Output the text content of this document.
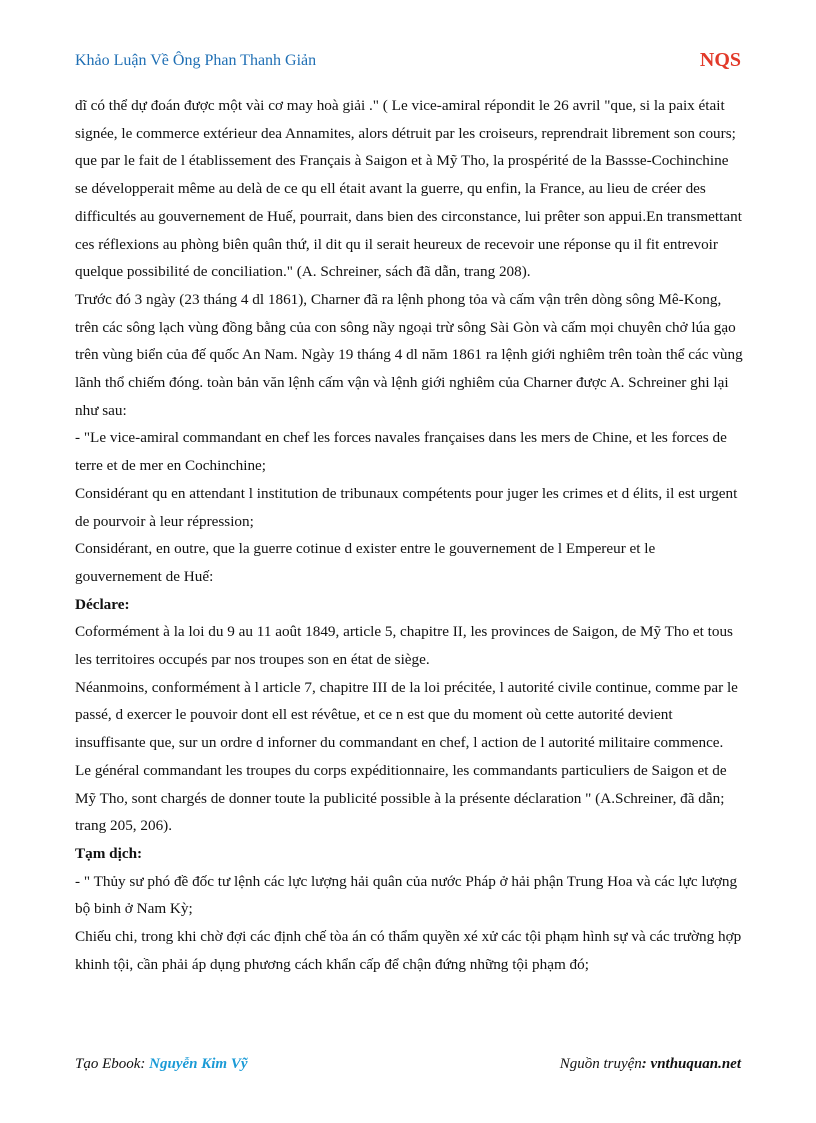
Khảo Luận Về Ông Phan Thanh Giản	NQS

dĩ có thể dự đoán được một vài cơ may hoà giải ." ( Le vice-amiral répondit le 26 avril "que, si la paix était signée, le commerce extérieur dea Annamites, alors détruit par les croiseurs, reprendrait librement son cours; que par le fait de l établissement des Français à Saigon et à Mỹ Tho, la prospérité de la Bassse-Cochinchine se développerait même au delà de ce qu ell était avant la guerre, qu enfin, la France, au lieu de créer des difficultés au gouvernement de Huế, pourrait, dans bien des circonstance, lui prêter son appui.En transmettant ces réflexions au phòng biên quân thứ, il dit qu il serait heureux de recevoir une réponse qu il fit entrevoir quelque possibilité de conciliation." (A. Schreiner, sách đã dẫn, trang 208).

Trước đó 3 ngày (23 tháng 4 dl 1861), Charner đã ra lệnh phong tỏa và cấm vận trên dòng sông Mê-Kong, trên các sông lạch vùng đồng bằng của con sông nầy ngoại trừ sông Sài Gòn và cấm mọi chuyên chở lúa gạo trên vùng biển của đế quốc An Nam. Ngày 19 tháng 4 dl năm 1861 ra lệnh giới nghiêm trên toàn thể các vùng lãnh thổ chiếm đóng. toàn bản văn lệnh cấm vận và lệnh giới nghiêm của Charner được A. Schreiner ghi lại như sau:

- "Le vice-amiral commandant en chef les forces navales françaises dans les mers de Chine, et les forces de terre et de mer en Cochinchine;

Considérant qu en attendant l institution de tribunaux compétents pour juger les crimes et d élits, il est urgent de pourvoir à leur répression;

Considérant, en outre, que la guerre cotinue d exister entre le gouvernement de l Empereur et le gouvernement de Huế:

Déclare:

Coformément à la loi du 9 au 11 août 1849, article 5, chapitre II, les provinces de Saigon, de Mỹ Tho et tous les territoires occupés par nos troupes son en état de siège.

Néanmoins, conformément à l article 7, chapitre III de la loi précitée, l autorité civile continue, comme par le passé, d exercer le pouvoir dont ell est révêtue, et ce n est que du moment où cette autorité devient insuffisante que, sur un ordre d inforner du commandant en chef, l action de l autorité militaire commence.

Le général commandant les troupes du corps expéditionnaire, les commandants particuliers de Saigon et de Mỹ Tho, sont chargés de donner toute la publicité possible à la présente déclaration " (A.Schreiner, đã dẫn; trang 205, 206).

Tạm dịch:

- " Thủy sư phó đề đốc tư lệnh các lực lượng hải quân của nước Pháp ở hải phận Trung Hoa và các lực lượng bộ binh ở Nam Kỳ;

Chiếu chi, trong khi chờ đợi các định chế tòa án có thẩm quyền xé xử các tội phạm hình sự và các trường hợp khinh tội, cần phải áp dụng phương cách khẩn cấp để chận đứng những tội phạm đó;

Tạo Ebook: Nguyễn Kim Vỹ	Nguồn truyện: vnthuquan.net
